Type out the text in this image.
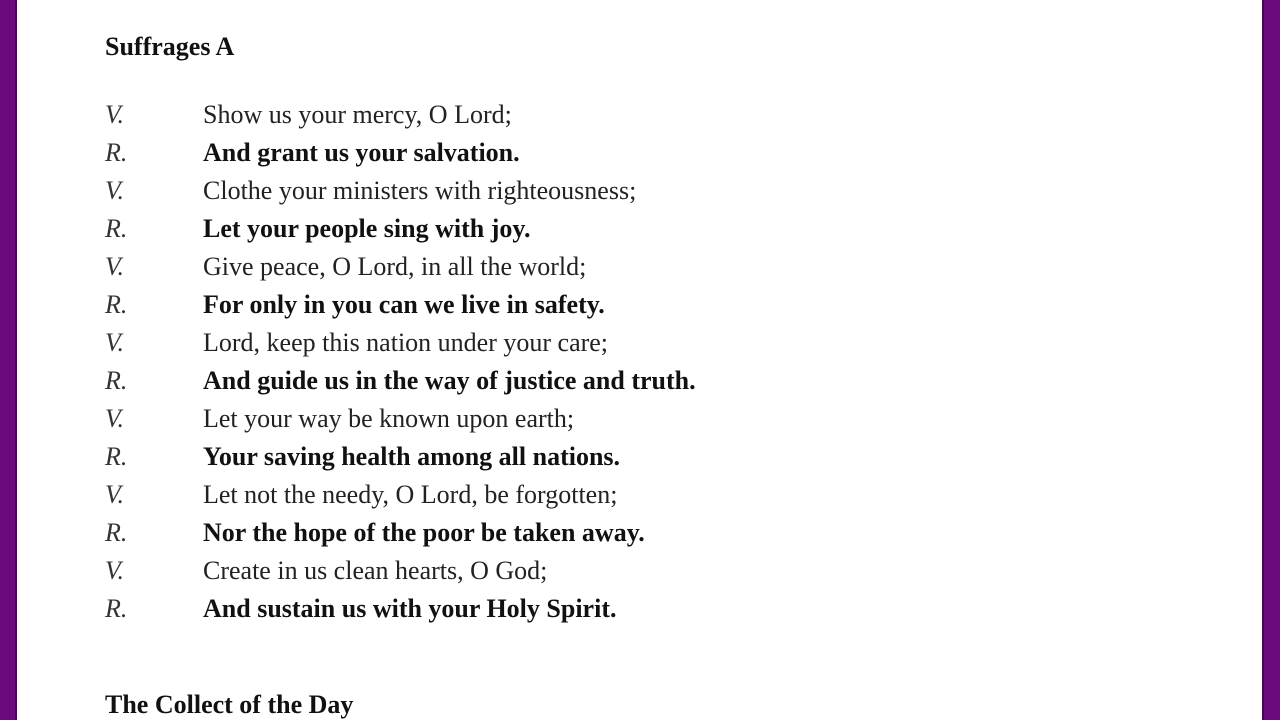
Suffrages A
V.	Show us your mercy, O Lord;
R.	And grant us your salvation.
V.	Clothe your ministers with righteousness;
R.	Let your people sing with joy.
V.	Give peace, O Lord, in all the world;
R.	For only in you can we live in safety.
V.	Lord, keep this nation under your care;
R.	And guide us in the way of justice and truth.
V.	Let your way be known upon earth;
R.	Your saving health among all nations.
V.	Let not the needy, O Lord, be forgotten;
R.	Nor the hope of the poor be taken away.
V.	Create in us clean hearts, O God;
R.	And sustain us with your Holy Spirit.
The Collect of the Day
